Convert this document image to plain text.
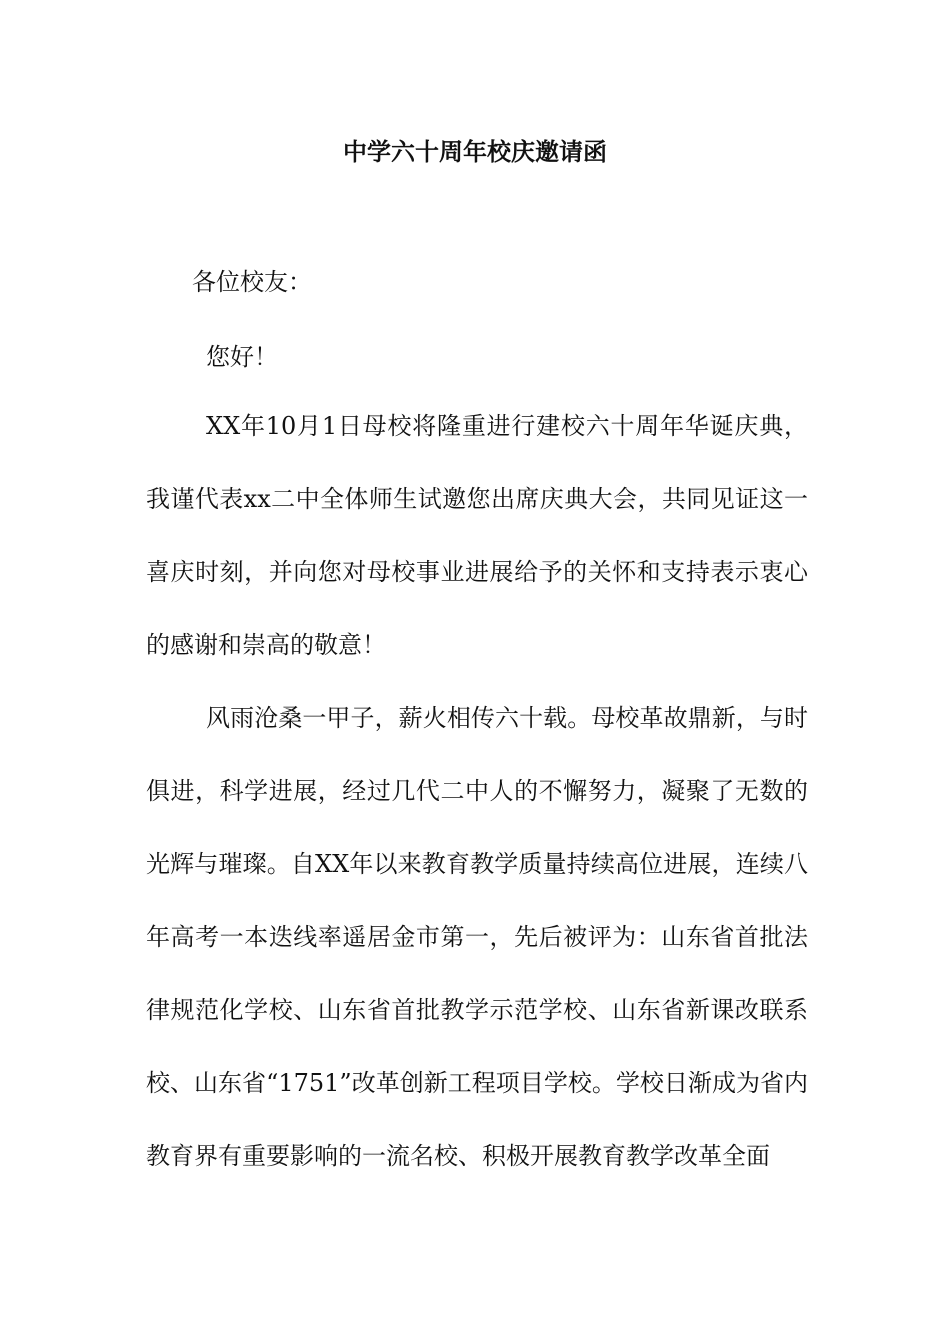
中学六十周年校庆邀请函
各位校友：
您好！

XX年10月1日母校将隆重进行建校六十周年华诞庆典，我谨代表xx二中全体师生试邀您出席庆典大会，共同见证这一喜庆时刻，并向您对母校事业进展给予的关怀和支持表示衷心的感谢和崇高的敬意！

风雨沧桑一甲子，薪火相传六十载。母校革故鼎新，与时俱进，科学进展，经过几代二中人的不懈努力，凝聚了无数的光辉与璀璨。自XX年以来教育教学质量持续高位进展，连续八年高考一本迭线率遥居金市第一，先后被评为：山东省首批法律规范化学校、山东省首批教学示范学校、山东省新课改联系校、山东省“1751”改革创新工程项目学校。学校日渐成为省内教育界有重要影响的一流名校、积极开展教育教学改革全面
